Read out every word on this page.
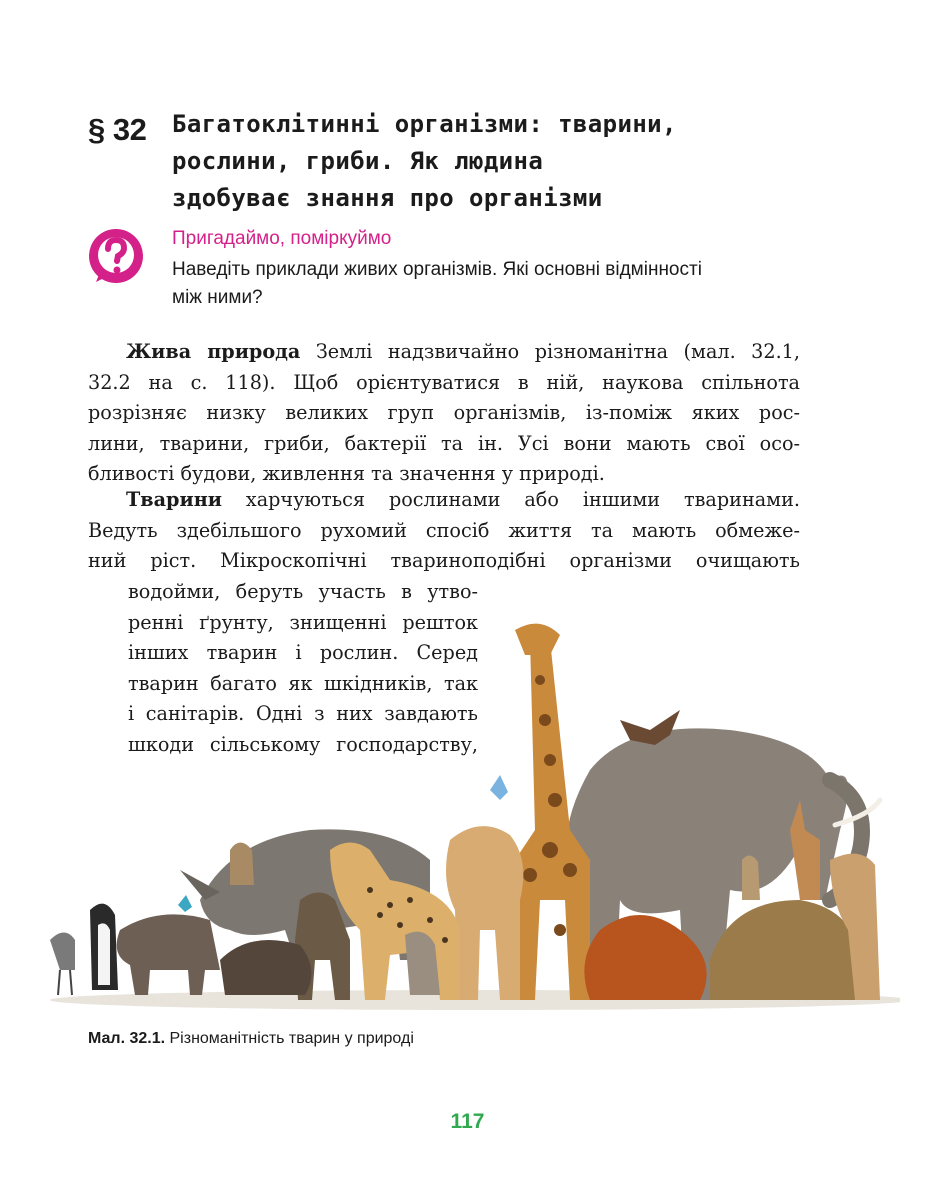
§ 32 Багатоклітинні організми: тварини,
рослини, гриби. Як людина
здобуває знання про організми
Пригадаймо, поміркуймо
Наведіть приклади живих організмів. Які основні відмінності
між ними?
Жива природа Землі надзвичайно різноманітна (мал. 32.1,
32.2 на с. 118). Щоб орієнтуватися в ній, наукова спільнота
розрізняє низку великих груп організмів, із-поміж яких рос-
лини, тварини, гриби, бактерії та ін. Усі вони мають свої осо-
бливості будови, живлення та значення у природі.
Тварини харчуються рослинами або іншими тваринами.
Ведуть здебільшого рухомий спосіб життя та мають обмеже-
ний ріст. Мікроскопічні твариноподібні організми очищають
водойми, беруть участь в утво-
ренні ґрунту, знищенні решток
інших тварин і рослин. Серед
тварин багато як шкідників, так
і санітарів. Одні з них завдають
шкоди сільському господарству,
Мал. 32.1. Різноманітність тварин у природі
117
